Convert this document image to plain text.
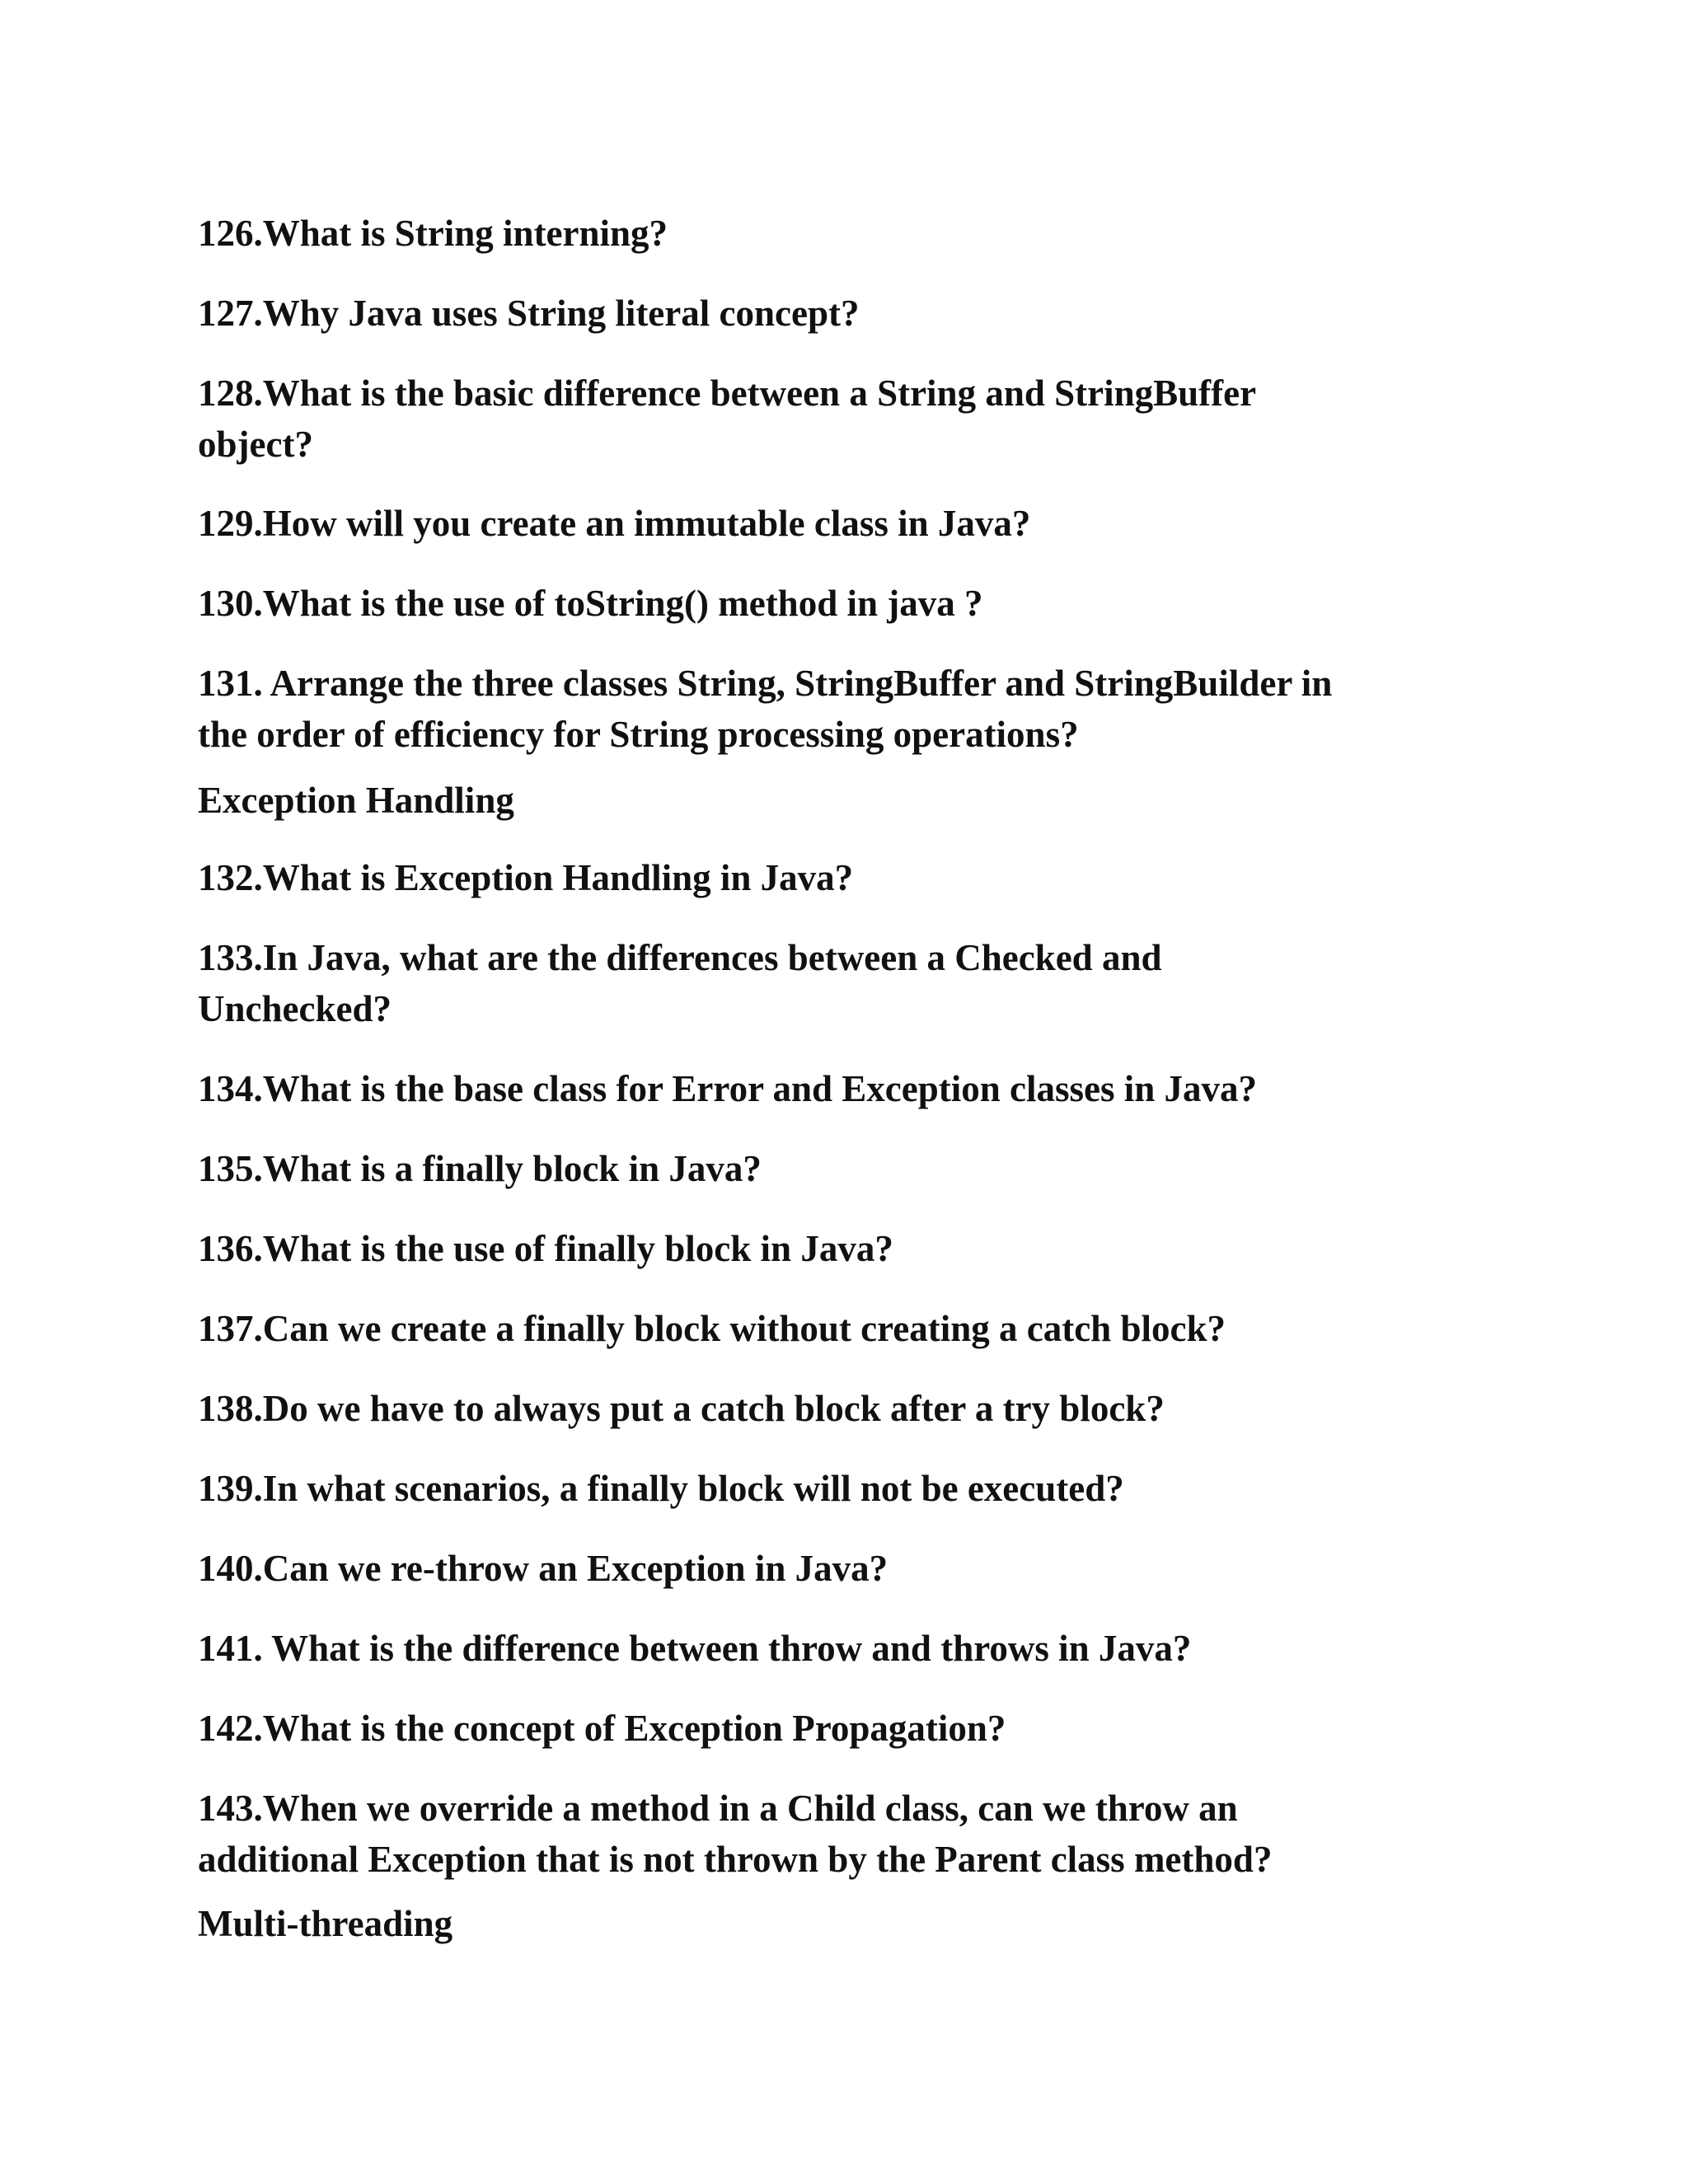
126.What is String interning?
127.Why Java uses String literal concept?
128.What is the basic difference between a String and StringBuffer
object?
129.How will you create an immutable class in Java?
130.What is the use of toString() method in java ?
131. Arrange the three classes String, StringBuffer and StringBuilder in
the order of efficiency for String processing operations?
Exception Handling
132.What is Exception Handling in Java?
133.In Java, what are the differences between a Checked and
Unchecked?
134.What is the base class for Error and Exception classes in Java?
135.What is a finally block in Java?
136.What is the use of finally block in Java?
137.Can we create a finally block without creating a catch block?
138.Do we have to always put a catch block after a try block?
139.In what scenarios, a finally block will not be executed?
140.Can we re-throw an Exception in Java?
141. What is the difference between throw and throws in Java?
142.What is the concept of Exception Propagation?
143.When we override a method in a Child class, can we throw an
additional Exception that is not thrown by the Parent class method?
Multi-threading
